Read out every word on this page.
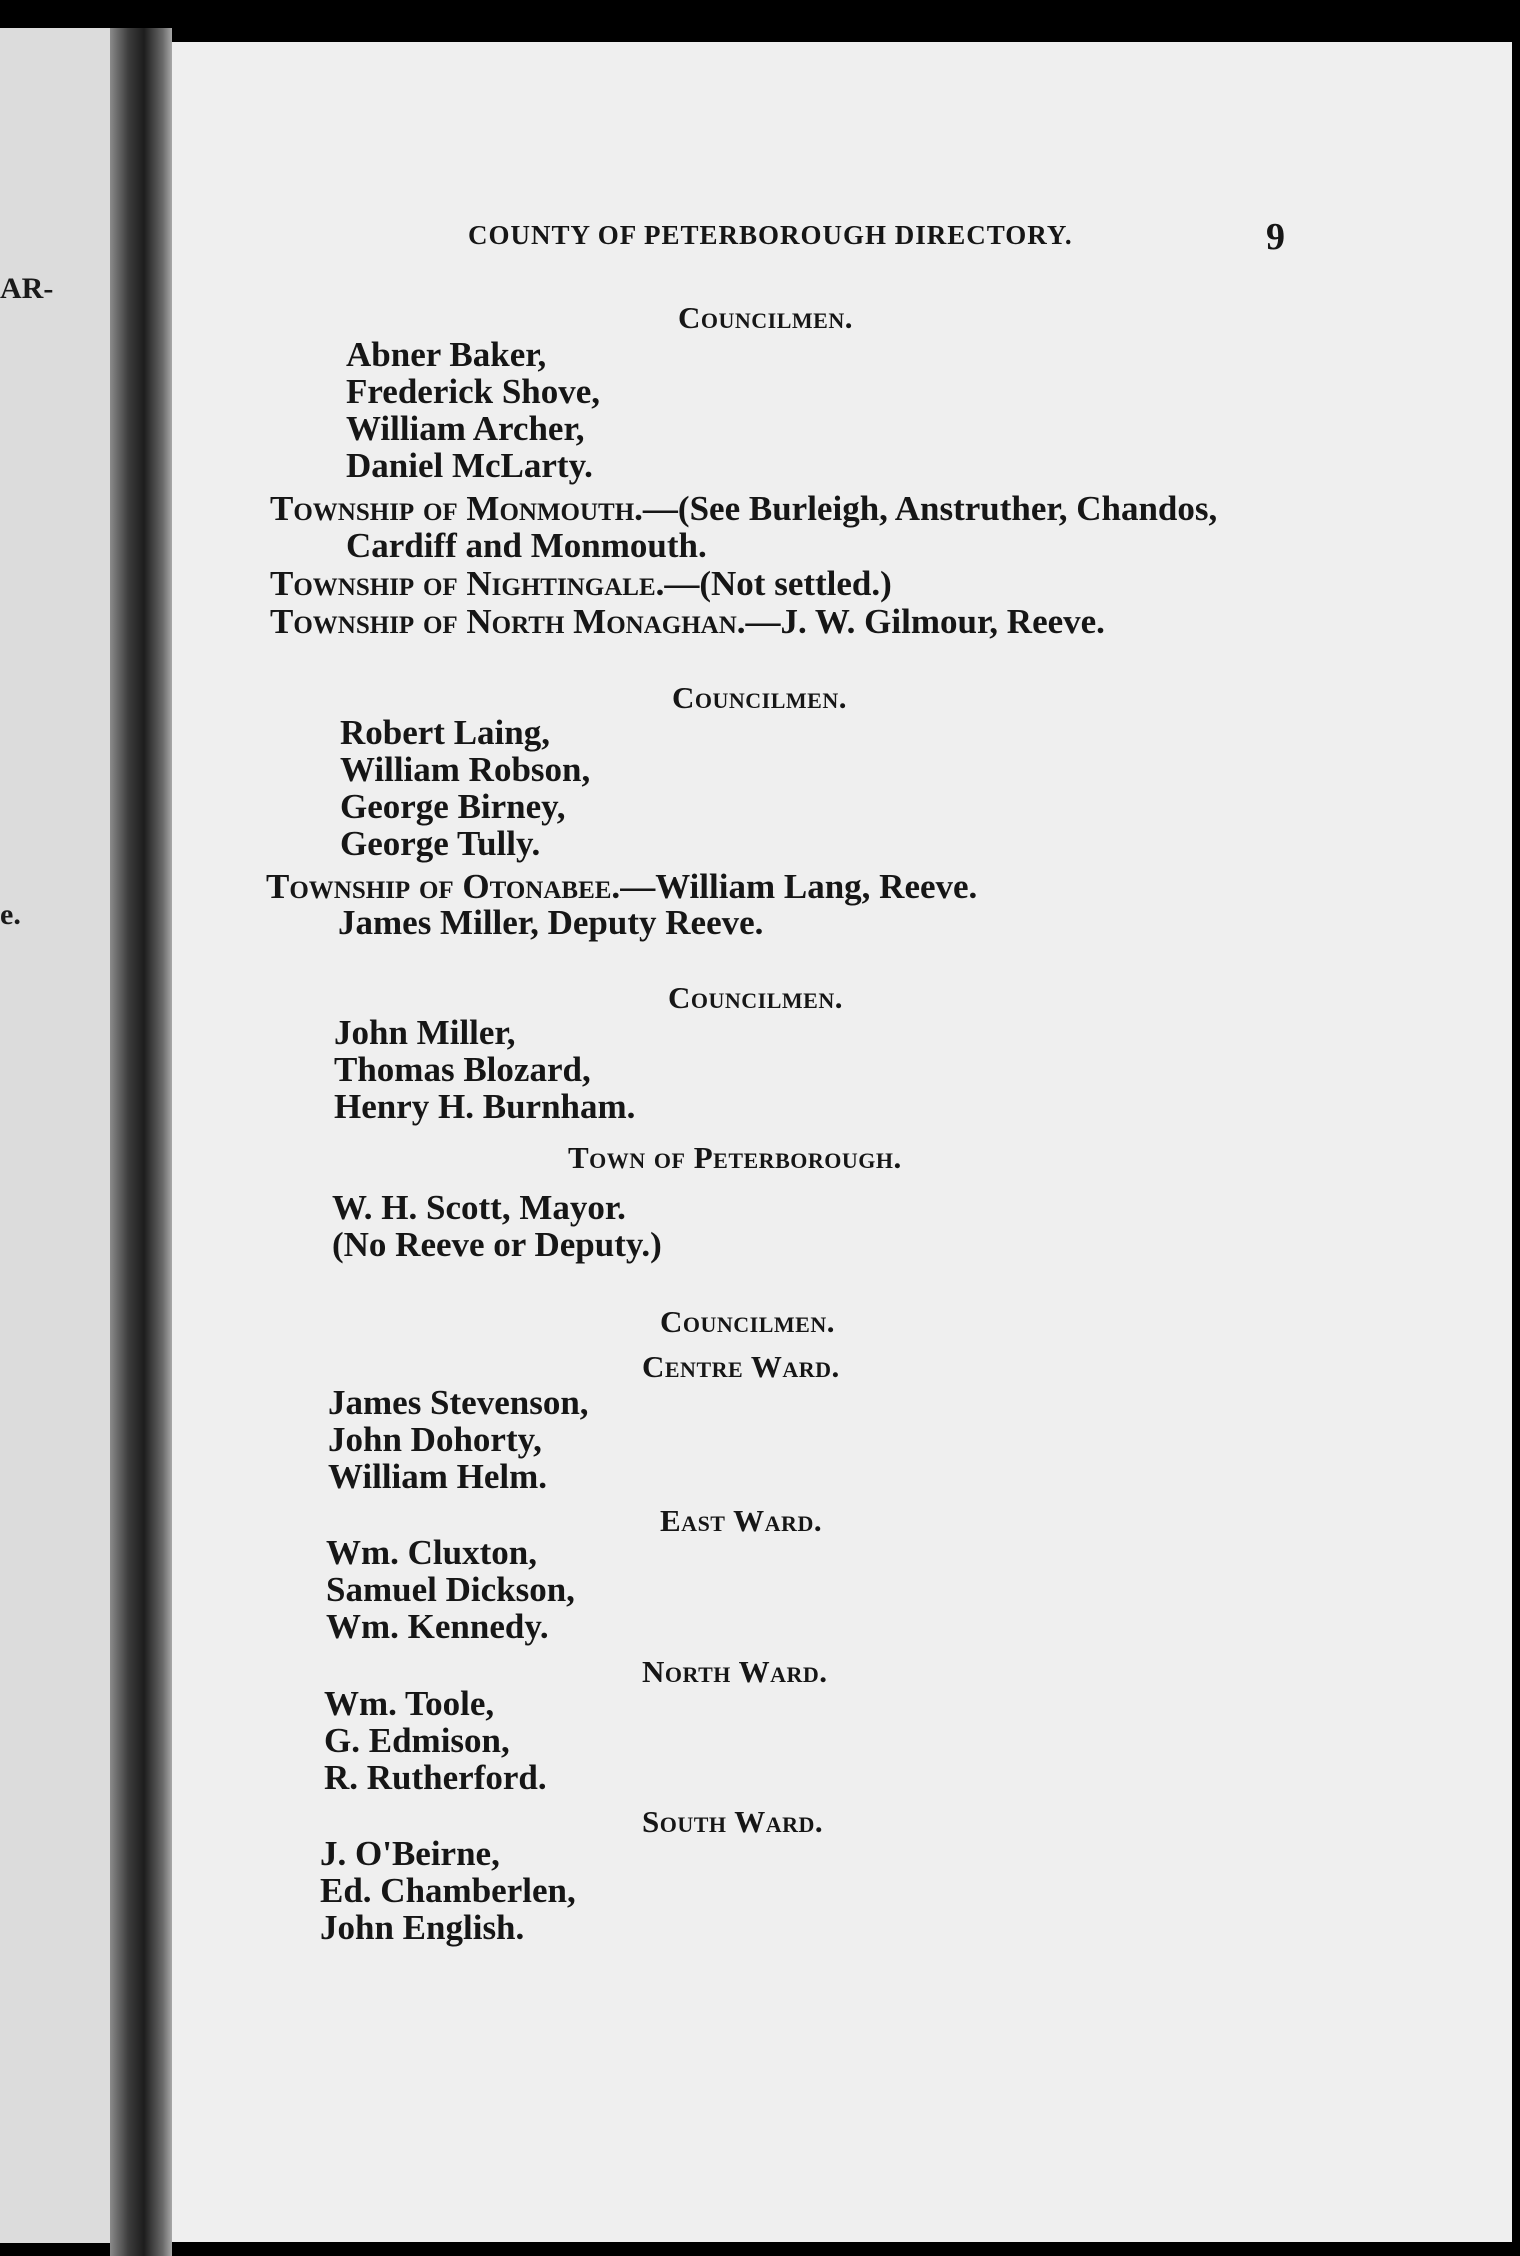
AR-
e.
COUNTY OF PETERBOROUGH DIRECTORY.	9
Councilmen.
Abner Baker,
Frederick Shove,
William Archer,
Daniel McLarty.
Township of Monmouth.—(See Burleigh, Anstruther, Chandos,
Cardiff and Monmouth.
Township of Nightingale.—(Not settled.)
Township of North Monaghan.—J. W. Gilmour, Reeve.
Councilmen.
Robert Laing,
William Robson,
George Birney,
George Tully.
Township of Otonabee.—William Lang, Reeve.
James Miller, Deputy Reeve.
Councilmen.
John Miller,
Thomas Blozard,
Henry H. Burnham.
Town of Peterborough.
W. H. Scott, Mayor.
(No Reeve or Deputy.)
Councilmen.
Centre Ward.
James Stevenson,
John Dohorty,
William Helm.
East Ward.
Wm. Cluxton,
Samuel Dickson,
Wm. Kennedy.
North Ward.
Wm. Toole,
G. Edmison,
R. Rutherford.
South Ward.
J. O'Beirne,
Ed. Chamberlen,
John English.
